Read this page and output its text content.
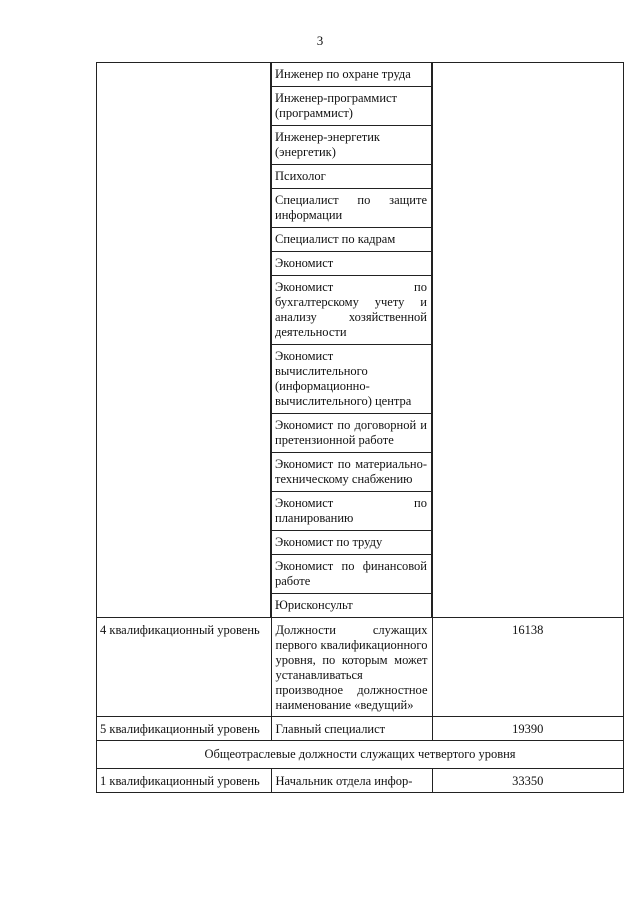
3
	Инженер по охране труда	
	Инженер-программист (программист)	
	Инженер-энергетик (энергетик)	
	Психолог	
	Специалист по защите информации	
	Специалист по кадрам	
	Экономист	
	Экономист по бухгалтерскому учету и анализу хозяйственной деятельности	
	Экономист вычислительного (информационно-вычислительного) центра	
	Экономист по договорной и претензионной работе	
	Экономист по материально-техническому снабжению	
	Экономист по планированию	
	Экономист по труду	
	Экономист по финансовой работе	
	Юрисконсульт	
4 квалификационный уровень	Должности служащих первого квалификационного уровня, по которым может устанавливаться производное должностное наименование «ведущий»	16138
5 квалификационный уровень	Главный специалист	19390
Общеотраслевые должности служащих четвертого уровня		
1 квалификационный уровень	Начальник отдела инфор-	33350
